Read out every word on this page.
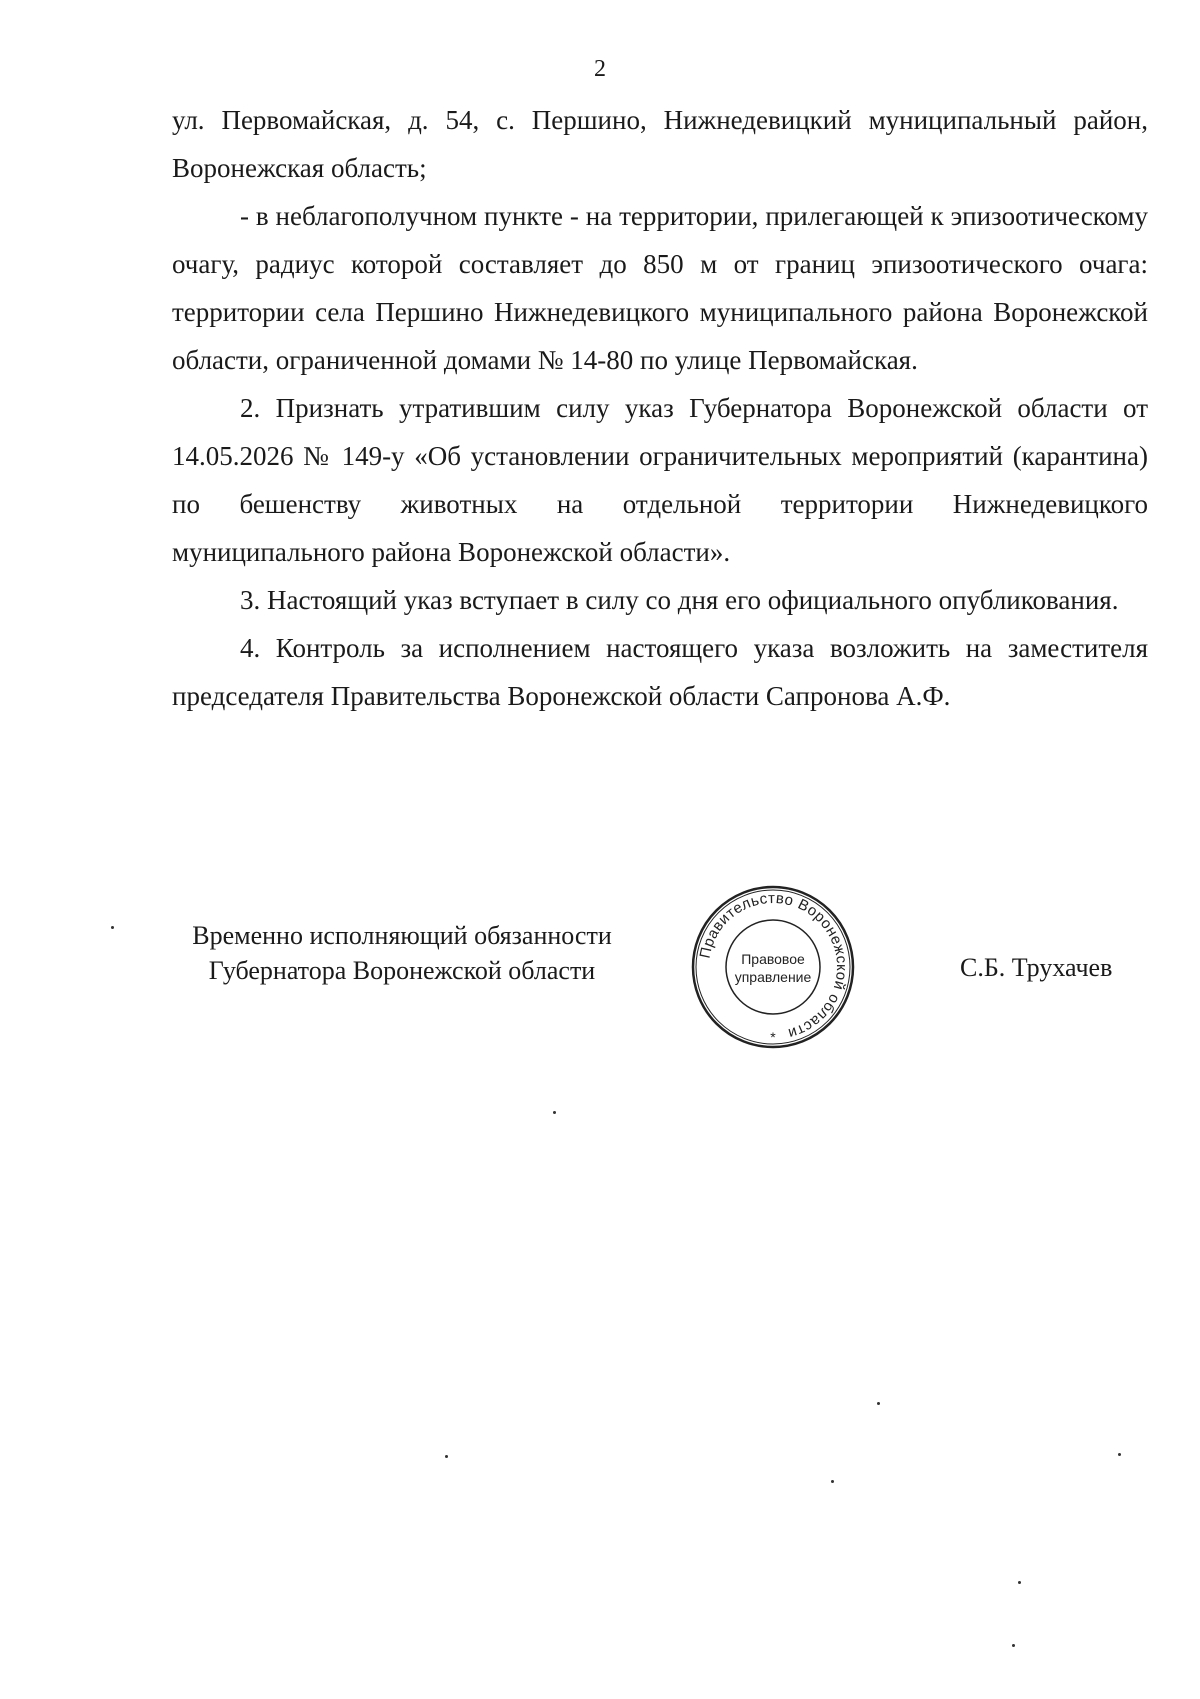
2

ул. Первомайская, д. 54, с. Першино, Нижнедевицкий муниципальный район, Воронежская область;

- в неблагополучном пункте - на территории, прилегающей к эпизоотическому очагу, радиус которой составляет до 850 м от границ эпизоотического очага: территории села Першино Нижнедевицкого муниципального района Воронежской области, ограниченной домами № 14-80 по улице Первомайская.

2. Признать утратившим силу указ Губернатора Воронежской области от 14.05.2026 № 149-у «Об установлении ограничительных мероприятий (карантина) по бешенству животных на отдельной территории Нижнедевицкого муниципального района Воронежской области».

3. Настоящий указ вступает в силу со дня его официального опубликования.

4. Контроль за исполнением настоящего указа возложить на заместителя председателя Правительства Воронежской области Сапронова А.Ф.

Временно исполняющий обязанности
Губернатора Воронежской области
Правительство Воронежской области
Правовое
управление
*
С.Б. Трухачев
